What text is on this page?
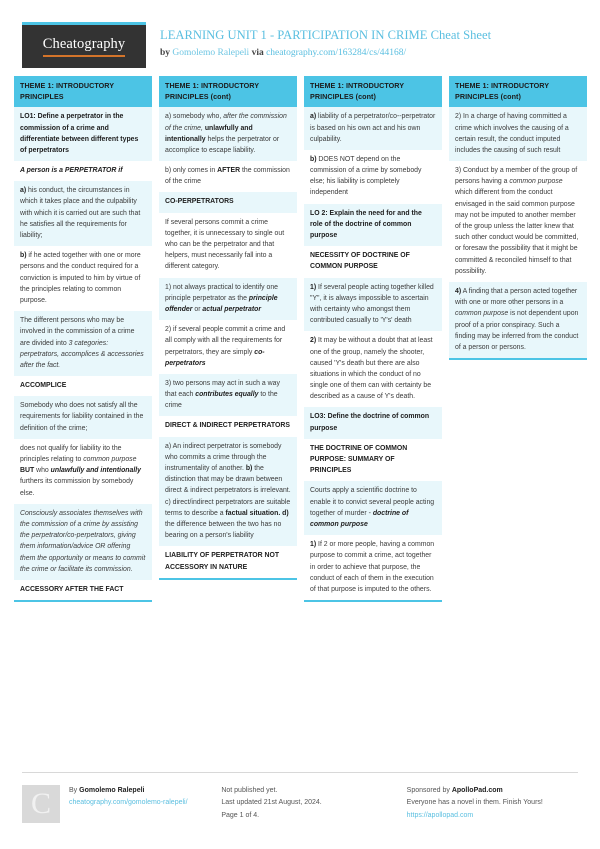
Cheatography
LEARNING UNIT 1 - PARTICIPATION IN CRIME Cheat Sheet
by Gomolemo Ralepeli via cheatography.com/163284/cs/44168/
THEME 1: INTRODUCTORY PRINCIPLES
LO1: Define a perpetrator in the commission of a crime and differentiate between different types of perpetrators
A person is a PERPETRATOR if
a) his conduct, the circumstances in which it takes place and the culpability with which it is carried out are such that he satisfies all the requirements for liability;
b) if he acted together with one or more persons and the conduct required for a conviction is imputed to him by virtue of the principles relating to common purpose.
The different persons who may be involved in the commission of a crime are divided into 3 categories: perpetrators, accomplices & accessories after the fact.
ACCOMPLICE
Somebody who does not satisfy all the requirements for liability contained in the definition of the crime;
does not qualify for liability ito the principles relating to common purpose BUT who unlawfully and intentionally furthers its commission by somebody else.
Consciously associates themselves with the commission of a crime by assisting the perpetrator/co-perpetrators, giving them information/advice OR offering them the opportunity or means to commit the crime or facilitate its commission.
ACCESSORY AFTER THE FACT
THEME 1: INTRODUCTORY PRINCIPLES (cont)
a) somebody who, after the commission of the crime, unlawfully and intentionally helps the perpetrator or accomplice to escape liability.
b) only comes in AFTER the commission of the crime
CO-PERPETRATORS
If several persons commit a crime together, it is unnecessary to single out who can be the perpetrator and that helpers, must necessarily fall into a different category.
1) not always practical to identify one principle perpetrator as the principle offender or actual perpetrator
2) if several people commit a crime and all comply with all the requirements for perpetrators, they are simply co-perpetrators
3) two persons may act in such a way that each contributes equally to the crime
DIRECT & INDIRECT PERPETRATORS
a) An indirect perpetrator is somebody who commits a crime through the instrumentality of another. b) the distinction that may be drawn between direct & indirect perpetrators is irrelevant. c) direct/indirect perpetrators are suitable terms to describe a factual situation. d) the difference between the two has no bearing on a person's liability
LIABILITY OF PERPETRATOR NOT ACCESSORY IN NATURE
THEME 1: INTRODUCTORY PRINCIPLES (cont)
a) liability of a perpetrator/co--perpetrator is based on his own act and his own culpability.
b) DOES NOT depend on the commission of a crime by somebody else; his liability is completely independent
LO 2: Explain the need for and the role of the doctrine of common purpose
NECESSITY OF DOCTRINE OF COMMON PURPOSE
1) If several people acting together killed "Y", it is always impossible to ascertain with certainty who amongst them contributed casually to 'Y's' death
2) It may be without a doubt that at least one of the group, namely the shooter, caused 'Y's death but there are also situations in which the conduct of no single one of them can with certainty be described as a cause of Y's death.
LO3: Define the doctrine of common purpose
THE DOCTRINE OF COMMON PURPOSE: SUMMARY OF PRINCIPLES
Courts apply a scientific doctrine to enable it to convict several people acting together of murder - doctrine of common purpose
1) If 2 or more people, having a common purpose to commit a crime, act together in order to achieve that purpose, the conduct of each of them in the execution of that purpose is imputed to the others.
THEME 1: INTRODUCTORY PRINCIPLES (cont)
2) In a charge of having committed a crime which involves the causing of a certain result, the conduct imputed includes the causing of such result
3) Conduct by a member of the group of persons having a common purpose which different from the conduct envisaged in the said common purpose may not be imputed to another member of the group unless the latter knew that such other conduct would be committed, or foresaw the possibility that it might be committed & reconciled himself to that possibility.
4) A finding that a person acted together with one or more other persons in a common purpose is not dependent upon proof of a prior conspiracy. Such a finding may be inferred from the conduct of a person or persons.
C	By Gomolemo Ralepeli
cheatography.com/gomolemo-ralepeli/
Not published yet.
Last updated 21st August, 2024.
Page 1 of 4.
Sponsored by ApolloPad.com
Everyone has a novel in them. Finish Yours!
https://apollopad.com
